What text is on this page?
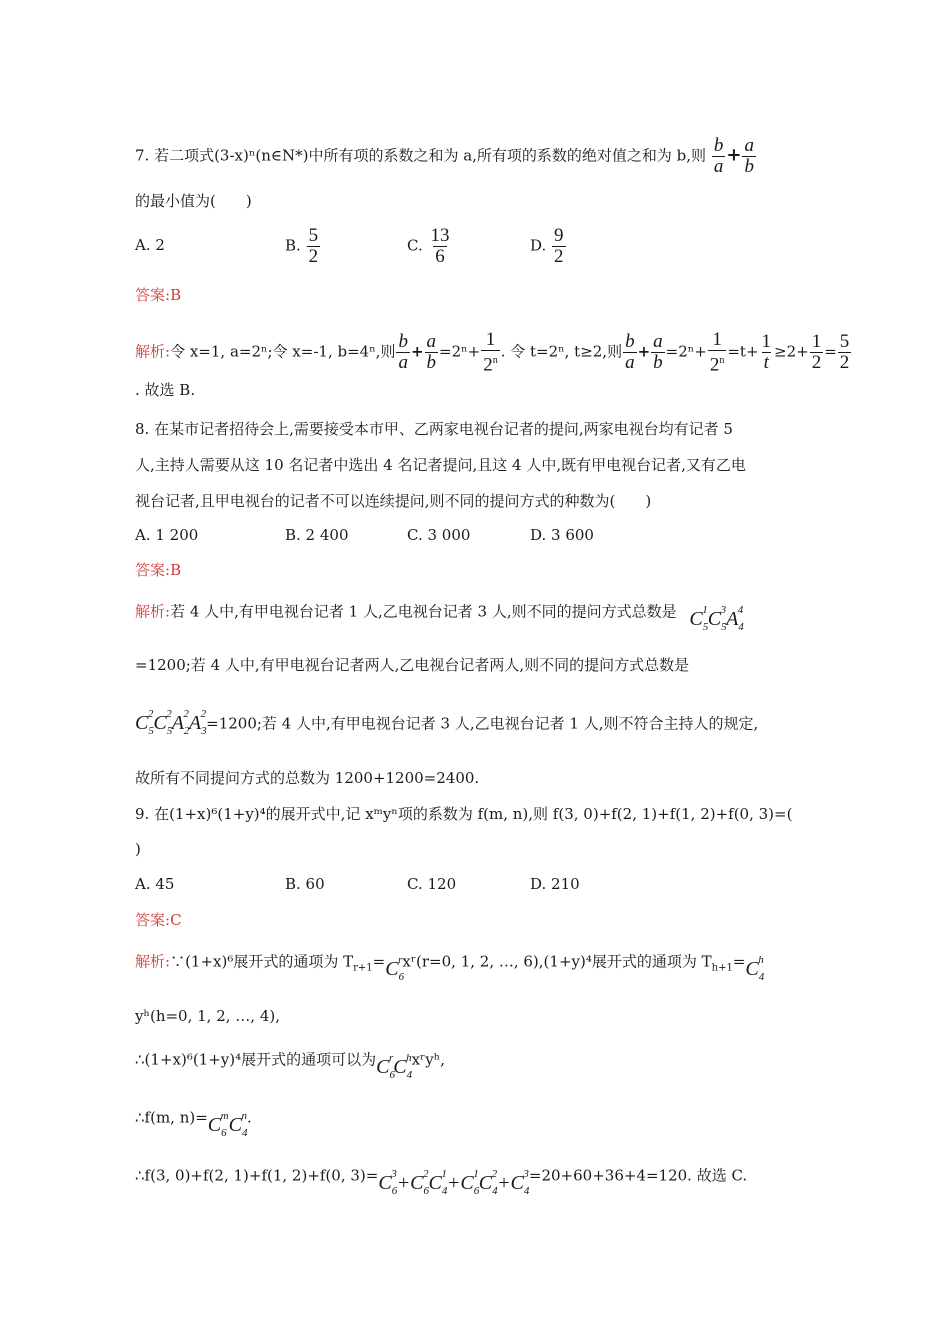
7. 若二项式(3-x)ⁿ(n∈N*)中所有项的系数之和为 a,所有项的系数的绝对值之和为 b,则 $\frac{b}{a} + \frac{a}{b}$
的最小值为(　　)
A. 2	B. $\frac{5}{2}$	C. $\frac{13}{6}$	D. $\frac{9}{2}$
答案:B
解析:令 x=1, a=2ⁿ;令 x=-1, b=4ⁿ,则 $\frac{b}{a} + \frac{a}{b} =2^n+ \frac{1}{2^n}$ . 令 t=2ⁿ, t≥2,则 $\frac{b}{a} + \frac{a}{b} =2^n+ \frac{1}{2^n} =t+ \frac{1}{t} \ge 2+ \frac{1}{2} = \frac{5}{2}$
. 故选 B.
8. 在某市记者招待会上,需要接受本市甲、乙两家电视台记者的提问,两家电视台均有记者 5
人,主持人需要从这 10 名记者中选出 4 名记者提问,且这 4 人中,既有甲电视台记者,又有乙电
视台记者,且甲电视台的记者不可以连续提问,则不同的提问方式的种数为(　　)
A. 1 200	B. 2 400	C. 3 000	D. 3 600
答案:B
解析:若 4 人中,有甲电视台记者 1 人,乙电视台记者 3 人,则不同的提问方式总数是 $C_5^1C_5^3A_4^4$
=1200;若 4 人中,有甲电视台记者两人,乙电视台记者两人,则不同的提问方式总数是
$C_5^2C_5^2A_2^2A_3^2=1200$;若 4 人中,有甲电视台记者 3 人,乙电视台记者 1 人,则不符合主持人的规定,
故所有不同提问方式的总数为 1200+1200=2400.
9. 在(1+x)⁶(1+y)⁴的展开式中,记 xᵐyⁿ项的系数为 f(m, n),则 f(3, 0)+f(2, 1)+f(1, 2)+f(0, 3)=(
)
A. 45	B. 60	C. 120	D. 210
答案:C
解析:∵(1+x)⁶展开式的通项为 $T_{r+1}=C_6^rxʳ(r=0$, 1, 2, …, 6),(1+y)⁴展开式的通项为 $T_{h+1}=C_4^h$
yʰ(h=0, 1, 2, …, 4),
∴(1+x)⁶(1+y)⁴展开式的通项可以为$C_6^rC_4^hxʳyʰ$,
∴f(m, $n)=C_6^mC_4^n$.
∴f(3, 0)+f(2, 1)+f(1, 2)+f(0, $3)=C_6^3+C_6^2C_4^1+C_6^1C_4^2+C_4^3=20+60+36+4=120$. 故选 C.
